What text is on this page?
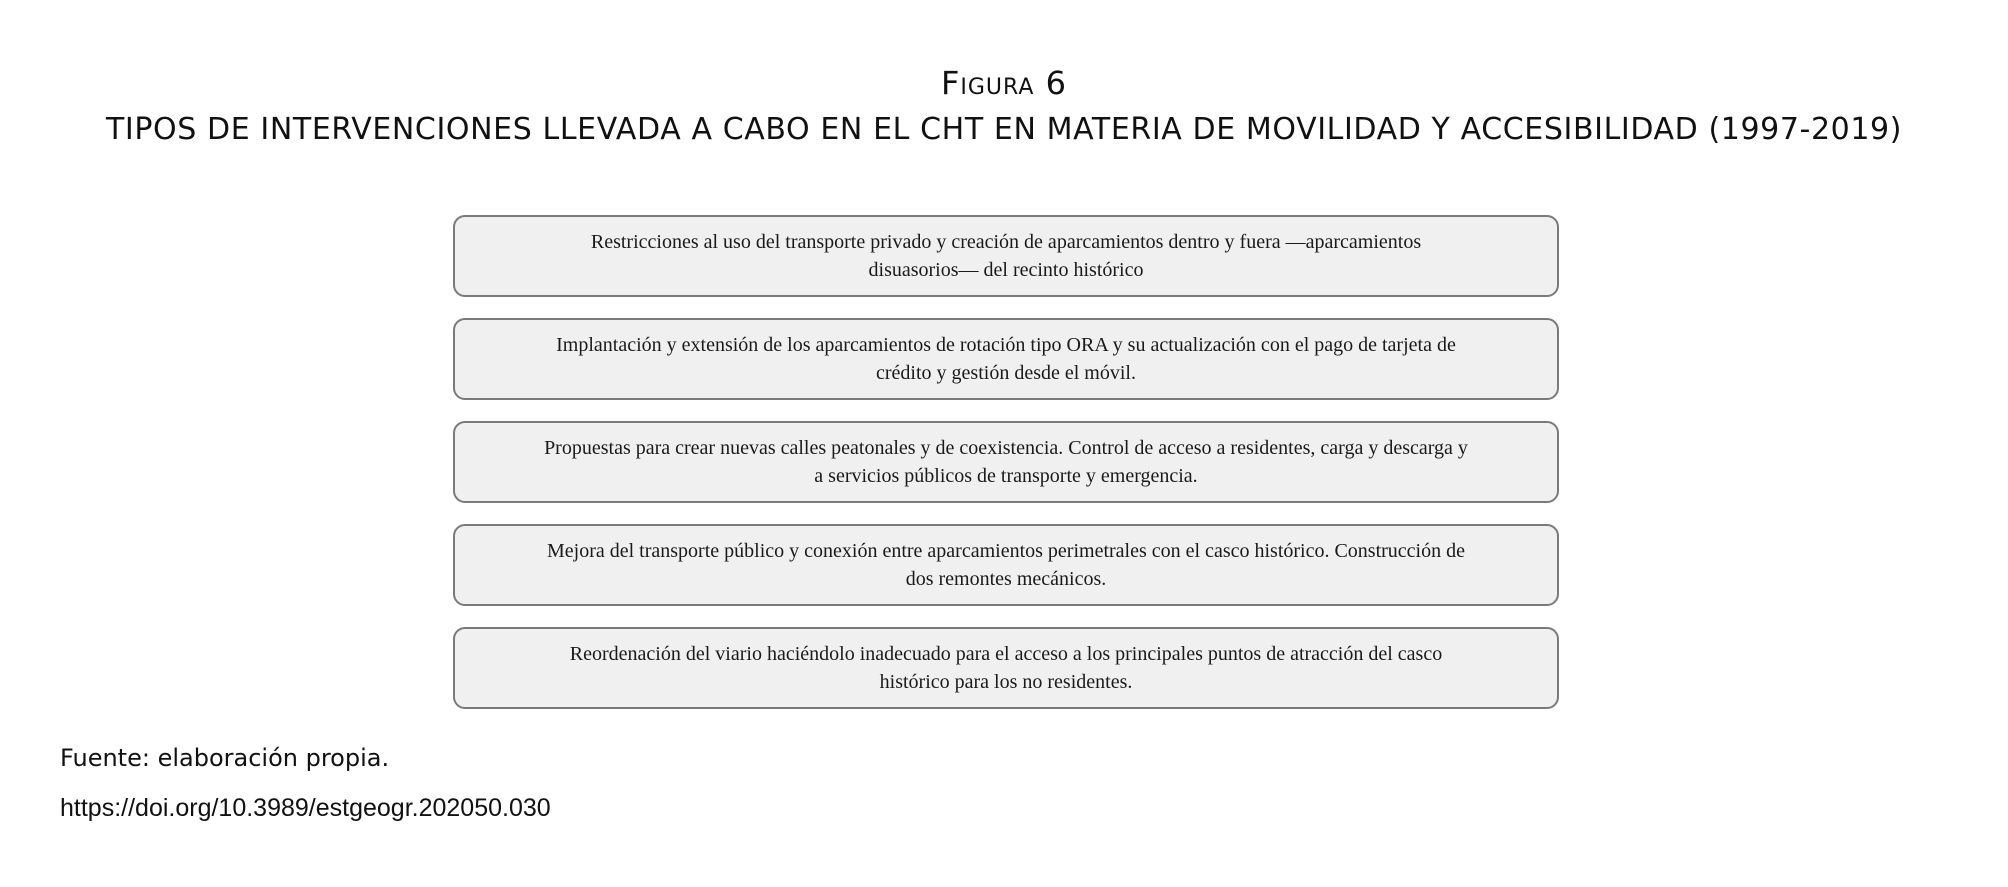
Figura 6
TIPOS DE INTERVENCIONES LLEVADA A CABO EN EL CHT EN MATERIA DE MOVILIDAD Y ACCESIBILIDAD (1997-2019)
Restricciones al uso del transporte privado y creación de aparcamientos dentro y fuera —aparcamientos
disuasorios— del recinto histórico
Implantación y extensión de los aparcamientos de rotación tipo ORA y su actualización con el pago de tarjeta de
crédito y gestión desde el móvil.
Propuestas para crear nuevas calles peatonales y de coexistencia. Control de acceso a residentes, carga y descarga y
a servicios públicos de transporte y emergencia.
Mejora del transporte público y conexión entre aparcamientos perimetrales con el casco histórico. Construcción de
dos remontes mecánicos.
Reordenación del viario haciéndolo inadecuado para el acceso a los principales puntos de atracción del casco
histórico para los no residentes.
Fuente: elaboración propia.
https://doi.org/10.3989/estgeogr.202050.030
